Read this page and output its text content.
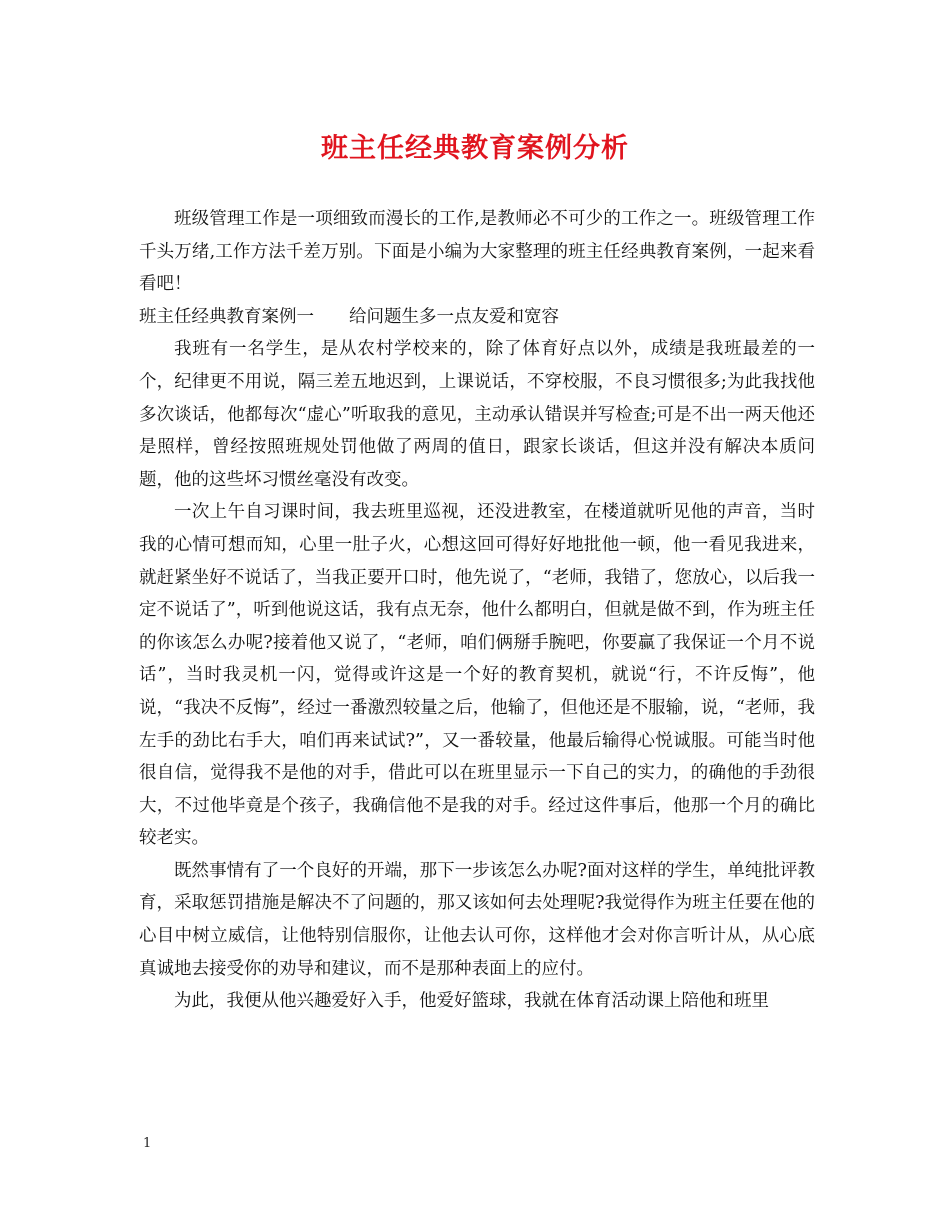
班主任经典教育案例分析

班级管理工作是一项细致而漫长的工作,是教师必不可少的工作之一。班级管理工作千头万绪,工作方法千差万别。下面是小编为大家整理的班主任经典教育案例，一起来看看吧！

班主任经典教育案例一　　给问题生多一点友爱和宽容

我班有一名学生，是从农村学校来的，除了体育好点以外，成绩是我班最差的一个，纪律更不用说，隔三差五地迟到，上课说话，不穿校服，不良习惯很多;为此我找他多次谈话，他都每次“虚心”听取我的意见，主动承认错误并写检查;可是不出一两天他还是照样，曾经按照班规处罚他做了两周的值日，跟家长谈话，但这并没有解决本质问题，他的这些坏习惯丝毫没有改变。

一次上午自习课时间，我去班里巡视，还没进教室，在楼道就听见他的声音，当时我的心情可想而知，心里一肚子火，心想这回可得好好地批他一顿，他一看见我进来，就赶紧坐好不说话了，当我正要开口时，他先说了，“老师，我错了，您放心，以后我一定不说话了”，听到他说这话，我有点无奈，他什么都明白，但就是做不到，作为班主任的你该怎么办呢?接着他又说了，“老师，咱们俩掰手腕吧，你要赢了我保证一个月不说话”，当时我灵机一闪，觉得或许这是一个好的教育契机，就说“行，不许反悔”，他说，“我决不反悔”，经过一番激烈较量之后，他输了，但他还是不服输，说，“老师，我左手的劲比右手大，咱们再来试试?”，又一番较量，他最后输得心悦诚服。可能当时他很自信，觉得我不是他的对手，借此可以在班里显示一下自己的实力，的确他的手劲很大，不过他毕竟是个孩子，我确信他不是我的对手。经过这件事后，他那一个月的确比较老实。

既然事情有了一个良好的开端，那下一步该怎么办呢?面对这样的学生，单纯批评教育，采取惩罚措施是解决不了问题的，那又该如何去处理呢?我觉得作为班主任要在他的心目中树立威信，让他特别信服你，让他去认可你，这样他才会对你言听计从，从心底真诚地去接受你的劝导和建议，而不是那种表面上的应付。

为此，我便从他兴趣爱好入手，他爱好篮球，我就在体育活动课上陪他和班里

1
